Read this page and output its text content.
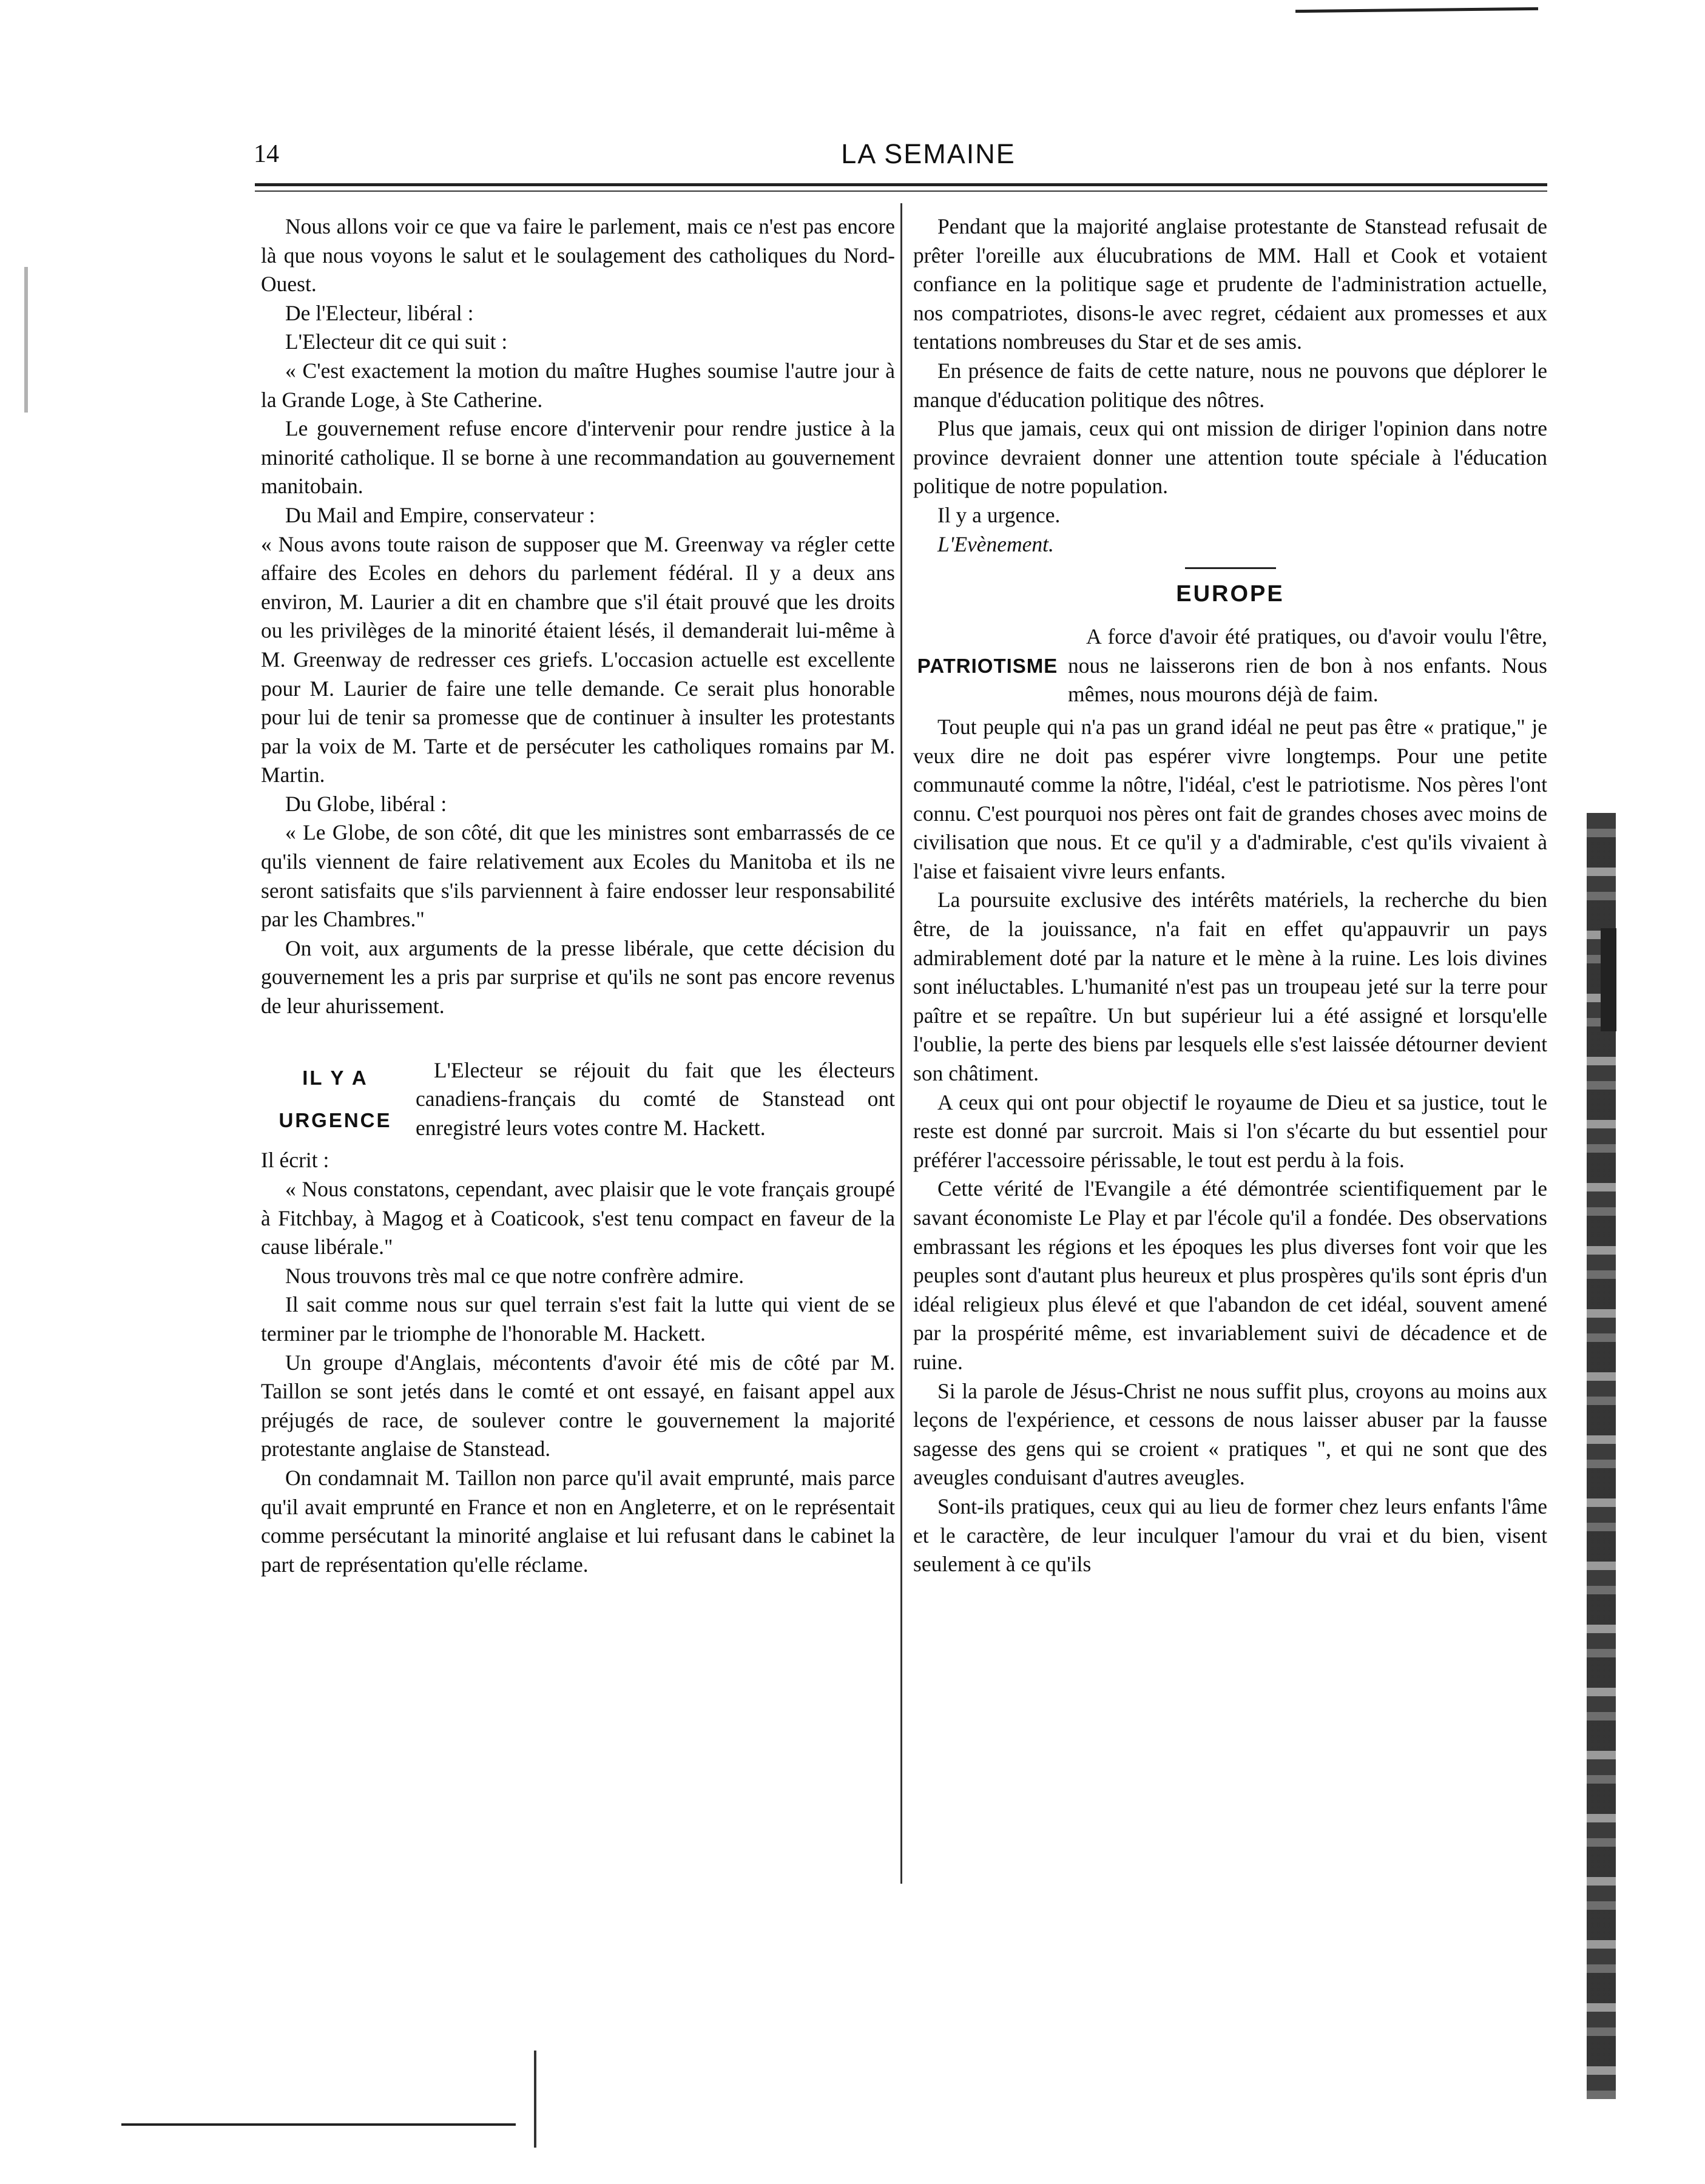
14	LA SEMAINE

Nous allons voir ce que va faire le parlement, mais ce n'est pas encore là que nous voyons le salut et le soulagement des catholiques du Nord-Ouest.

De l'Electeur, libéral :

L'Electeur dit ce qui suit :

« C'est exactement la motion du maître Hughes soumise l'autre jour à la Grande Loge, à Ste Catherine.

Le gouvernement refuse encore d'intervenir pour rendre justice à la minorité catholique. Il se borne à une recommandation au gouvernement manitobain.

Du Mail and Empire, conservateur :

« Nous avons toute raison de supposer que M. Greenway va régler cette affaire des Ecoles en dehors du parlement fédéral. Il y a deux ans environ, M. Laurier a dit en chambre que s'il était prouvé que les droits ou les privilèges de la minorité étaient lésés, il demanderait lui-même à M. Greenway de redresser ces griefs. L'occasion actuelle est excellente pour M. Laurier de faire une telle demande. Ce serait plus honorable pour lui de tenir sa promesse que de continuer à insulter les protestants par la voix de M. Tarte et de persécuter les catholiques romains par M. Martin.

Du Globe, libéral :

« Le Globe, de son côté, dit que les ministres sont embarrassés de ce qu'ils viennent de faire relativement aux Ecoles du Manitoba et ils ne seront satisfaits que s'ils parviennent à faire endosser leur responsabilité par les Chambres."

On voit, aux arguments de la presse libérale, que cette décision du gouvernement les a pris par surprise et qu'ils ne sont pas encore revenus de leur ahurissement.

IL Y A
URGENCE

L'Electeur se réjouit du fait que les électeurs canadiens-français du comté de Stanstead ont enregistré leurs votes contre M. Hackett.

Il écrit :

« Nous constatons, cependant, avec plaisir que le vote français groupé à Fitchbay, à Magog et à Coaticook, s'est tenu compact en faveur de la cause libérale."

Nous trouvons très mal ce que notre confrère admire.

Il sait comme nous sur quel terrain s'est fait la lutte qui vient de se terminer par le triomphe de l'honorable M. Hackett.

Un groupe d'Anglais, mécontents d'avoir été mis de côté par M. Taillon se sont jetés dans le comté et ont essayé, en faisant appel aux préjugés de race, de soulever contre le gouvernement la majorité protestante anglaise de Stanstead.

On condamnait M. Taillon non parce qu'il avait emprunté, mais parce qu'il avait emprunté en France et non en Angleterre, et on le représentait comme persécutant la minorité anglaise et lui refusant dans le cabinet la part de représentation qu'elle réclame.

Pendant que la majorité anglaise protestante de Stanstead refusait de prêter l'oreille aux élucubrations de MM. Hall et Cook et votaient confiance en la politique sage et prudente de l'administration actuelle, nos compatriotes, disons-le avec regret, cédaient aux promesses et aux tentations nombreuses du Star et de ses amis.

En présence de faits de cette nature, nous ne pouvons que déplorer le manque d'éducation politique des nôtres.

Plus que jamais, ceux qui ont mission de diriger l'opinion dans notre province devraient donner une attention toute spéciale à l'éducation politique de notre population.

Il y a urgence.

L'Evènement.

EUROPE
PATRIOTISME

A force d'avoir été pratiques, ou d'avoir voulu l'être, nous ne laisserons rien de bon à nos enfants. Nous mêmes, nous mourons déjà de faim.

Tout peuple qui n'a pas un grand idéal ne peut pas être « pratique," je veux dire ne doit pas espérer vivre longtemps. Pour une petite communauté comme la nôtre, l'idéal, c'est le patriotisme. Nos pères l'ont connu. C'est pourquoi nos pères ont fait de grandes choses avec moins de civilisation que nous. Et ce qu'il y a d'admirable, c'est qu'ils vivaient à l'aise et faisaient vivre leurs enfants.

La poursuite exclusive des intérêts matériels, la recherche du bien être, de la jouissance, n'a fait en effet qu'appauvrir un pays admirablement doté par la nature et le mène à la ruine. Les lois divines sont inéluctables. L'humanité n'est pas un troupeau jeté sur la terre pour paître et se repaître. Un but supérieur lui a été assigné et lorsqu'elle l'oublie, la perte des biens par lesquels elle s'est laissée détourner devient son châtiment.

A ceux qui ont pour objectif le royaume de Dieu et sa justice, tout le reste est donné par surcroit. Mais si l'on s'écarte du but essentiel pour préférer l'accessoire périssable, le tout est perdu à la fois.

Cette vérité de l'Evangile a été démontrée scientifiquement par le savant économiste Le Play et par l'école qu'il a fondée. Des observations embrassant les régions et les époques les plus diverses font voir que les peuples sont d'autant plus heureux et plus prospères qu'ils sont épris d'un idéal religieux plus élevé et que l'abandon de cet idéal, souvent amené par la prospérité même, est invariablement suivi de décadence et de ruine.

Si la parole de Jésus-Christ ne nous suffit plus, croyons au moins aux leçons de l'expérience, et cessons de nous laisser abuser par la fausse sagesse des gens qui se croient « pratiques ", et qui ne sont que des aveugles conduisant d'autres aveugles.

Sont-ils pratiques, ceux qui au lieu de former chez leurs enfants l'âme et le caractère, de leur inculquer l'amour du vrai et du bien, visent seulement à ce qu'ils
